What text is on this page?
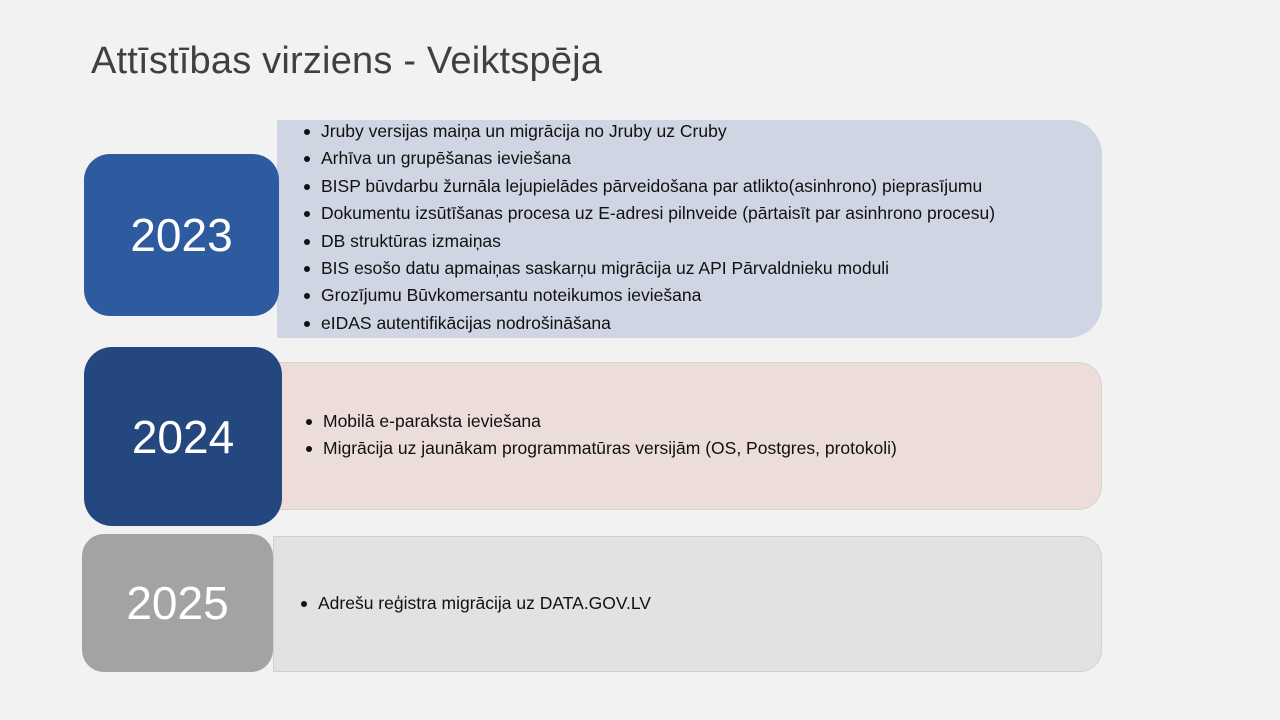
Attīstības virziens - Veiktspēja
Jruby versijas maiņa un migrācija no Jruby uz Cruby
Arhīva un grupēšanas ieviešana
BISP būvdarbu žurnāla lejupielādes pārveidošana par atlikto(asinhrono) pieprasījumu
Dokumentu izsūtīšanas procesa uz E-adresi pilnveide (pārtaisīt par asinhrono procesu)
DB struktūras izmaiņas
BIS esošo datu apmaiņas saskarņu migrācija uz API Pārvaldnieku moduli
Grozījumu Būvkomersantu noteikumos ieviešana
eIDAS autentifikācijas nodrošināšana
2023
Mobilā e-paraksta ieviešana
Migrācija uz jaunākam programmatūras versijām (OS, Postgres, protokoli)
2024
Adrešu reģistra migrācija uz DATA.GOV.LV
2025
